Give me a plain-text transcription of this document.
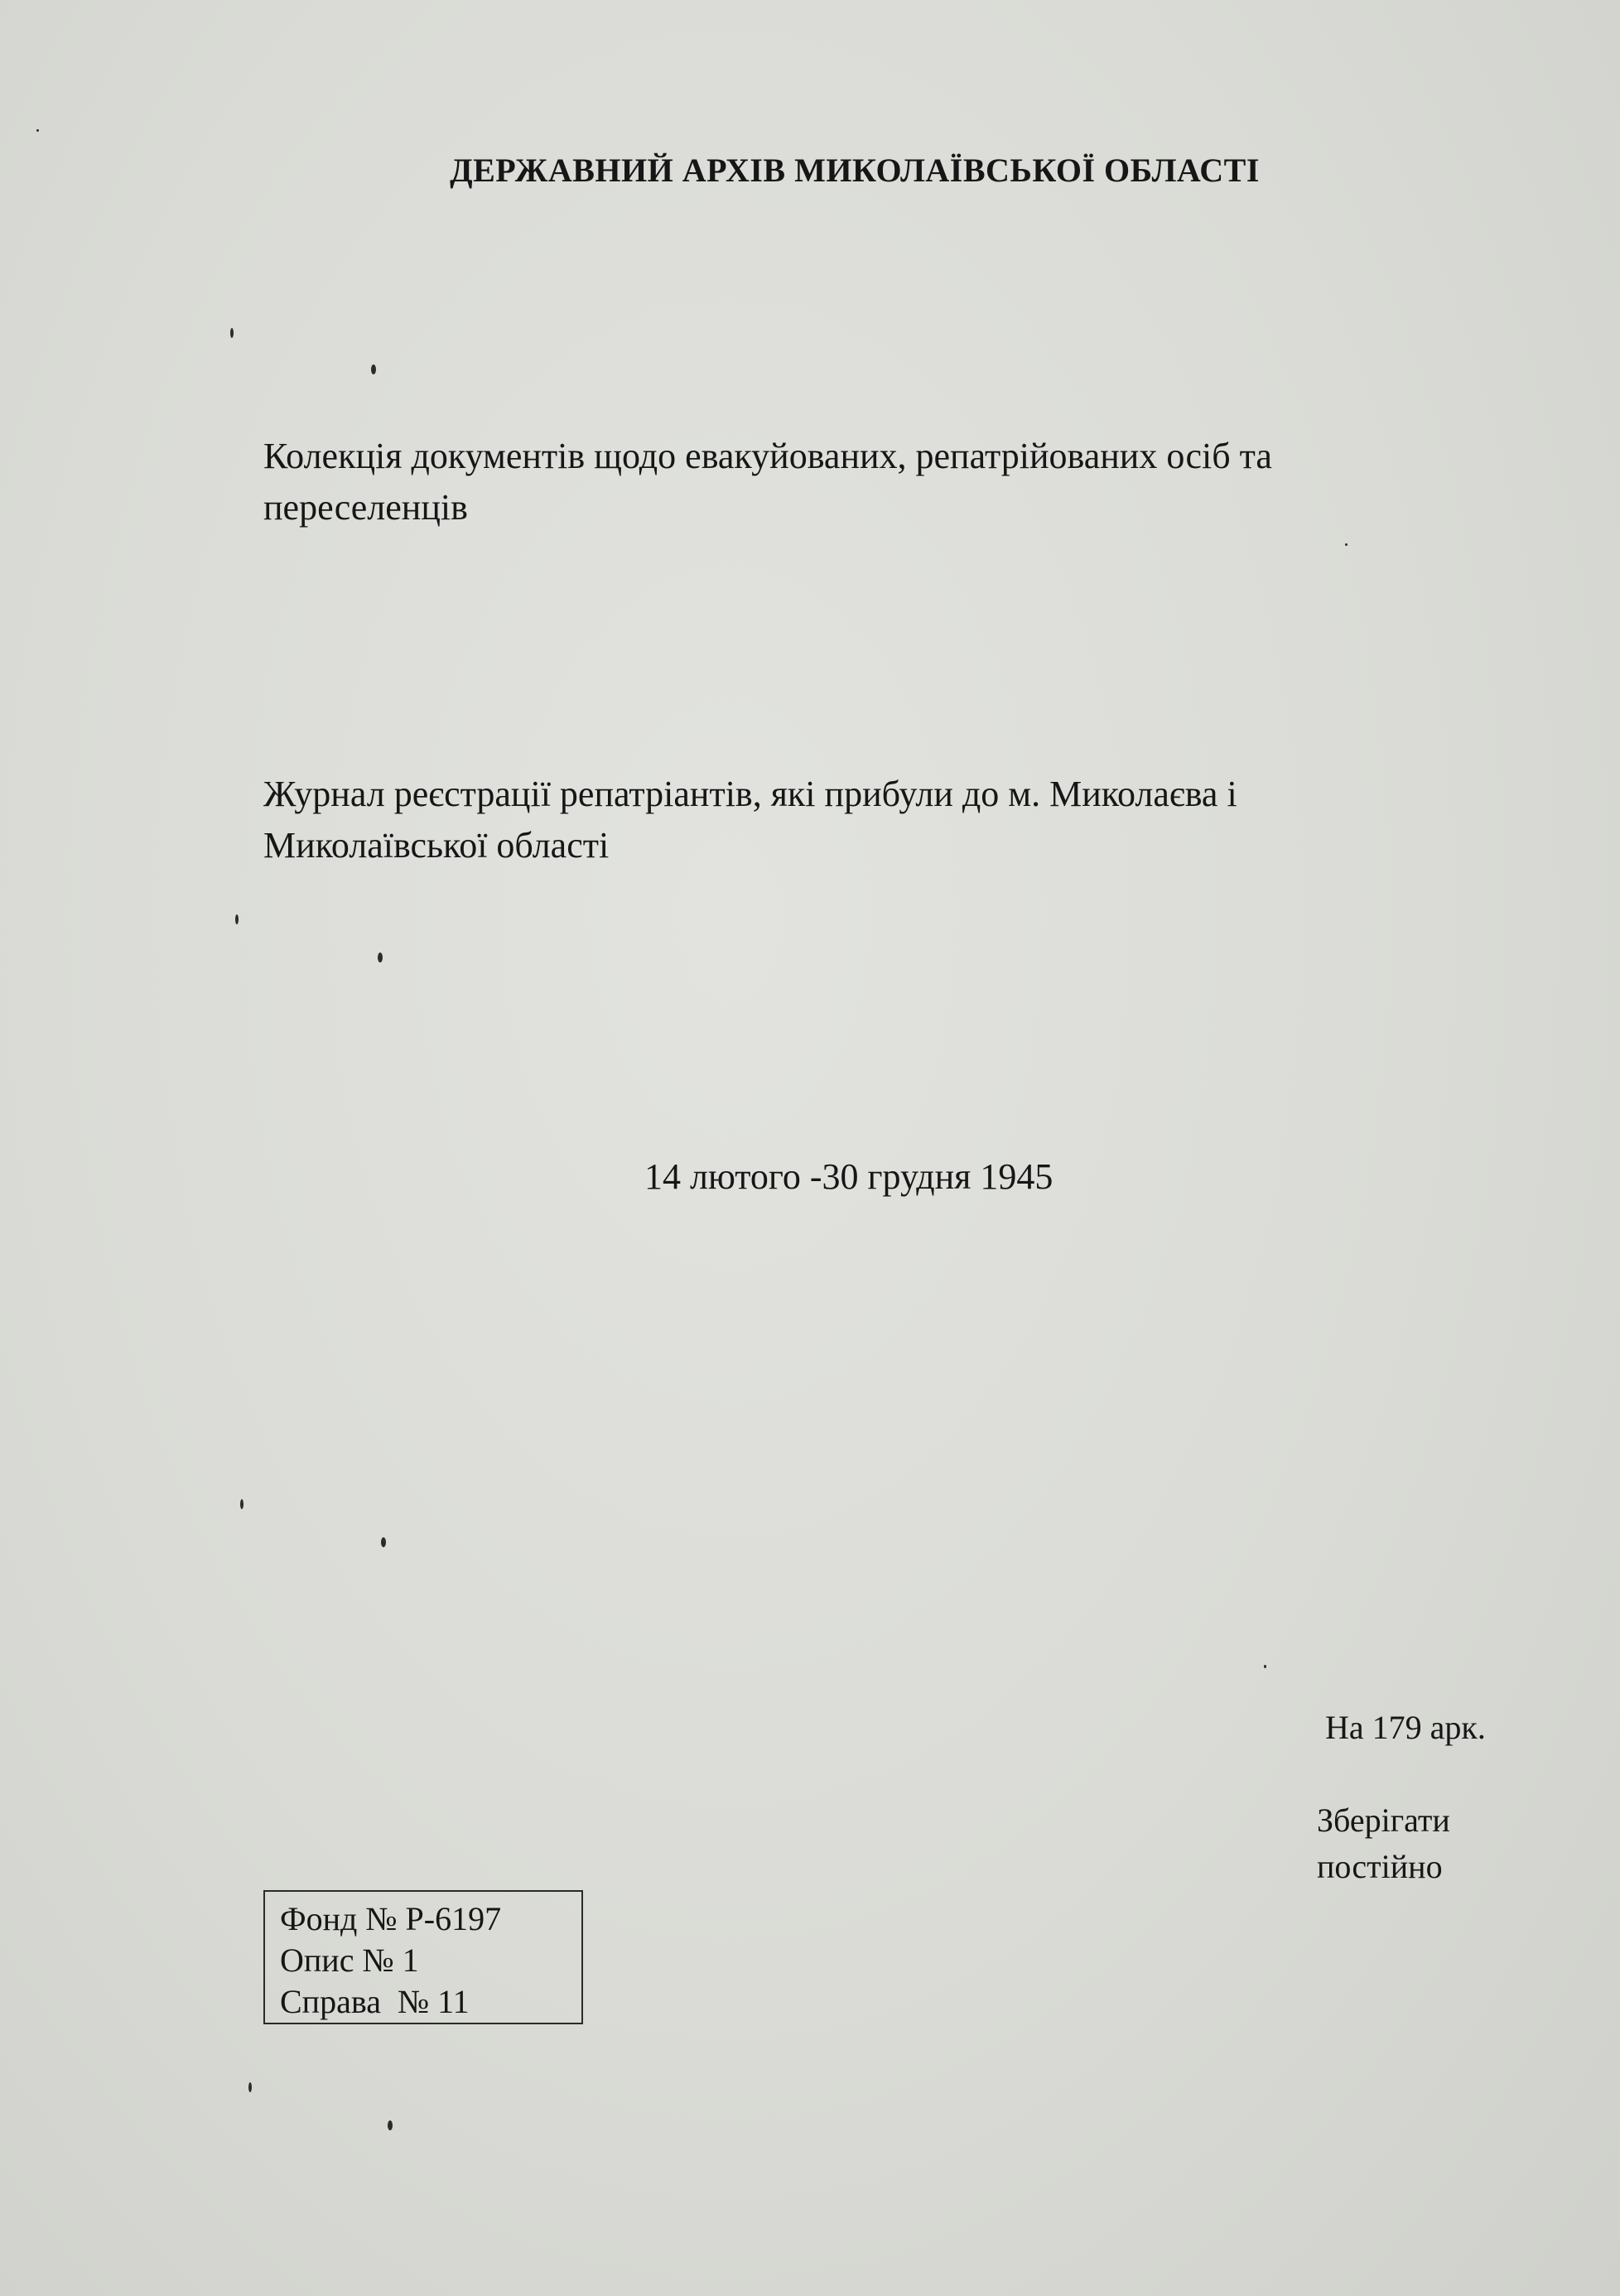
ДЕРЖАВНИЙ АРХІВ МИКОЛАЇВСЬКОЇ ОБЛАСТІ
Колекція документів щодо евакуйованих, репатрійованих осіб та
переселенців
Журнал реєстрації репатріантів, які прибули до м. Миколаєва і
Миколаївської області
14 лютого -30 грудня 1945
На 179 арк.
Зберігати
постійно
Фонд № Р-6197
Опис № 1
Справа  № 11
